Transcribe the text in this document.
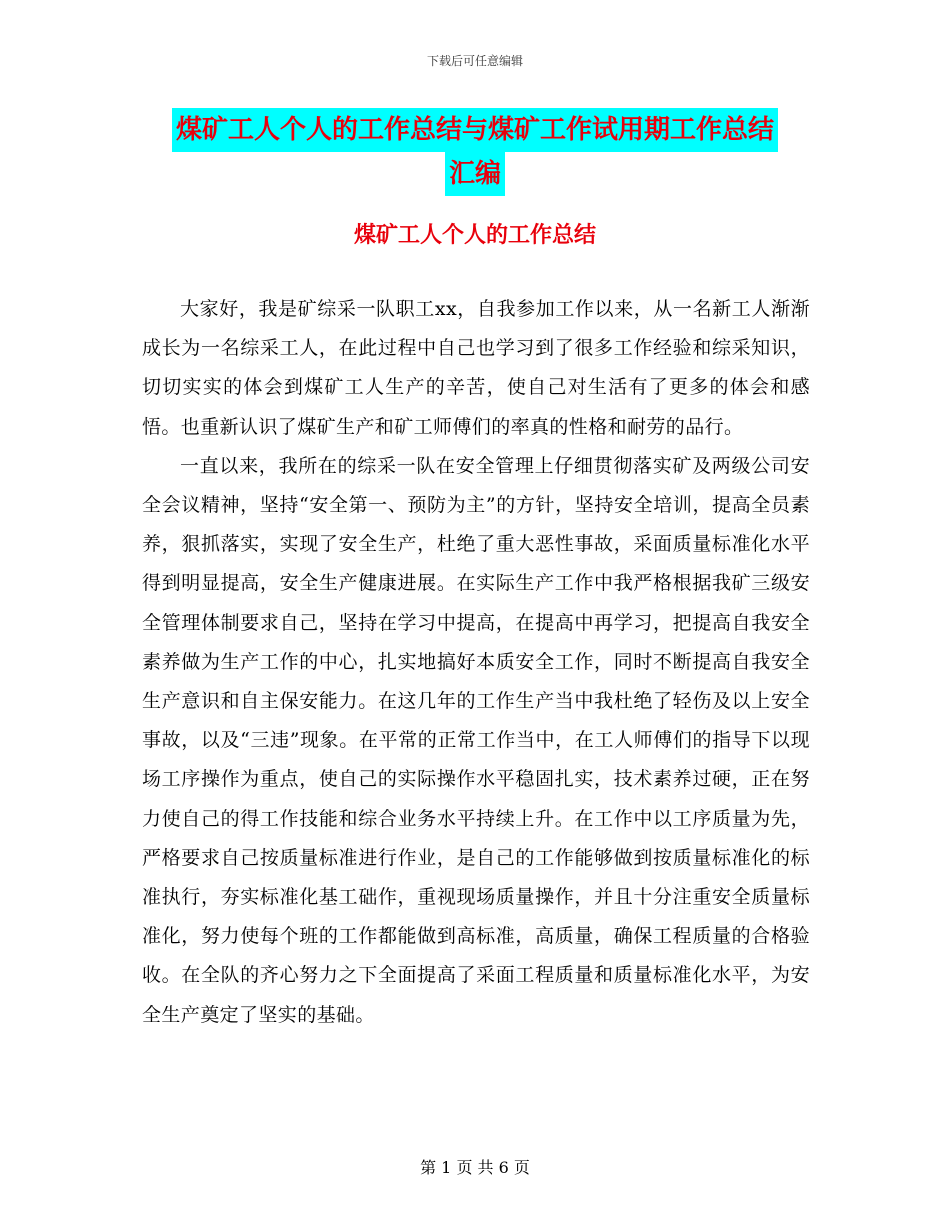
下载后可任意编辑
煤矿工人个人的工作总结与煤矿工作试用期工作总结
汇编
煤矿工人个人的工作总结

大家好，我是矿综采一队职工xx，自我参加工作以来，从一名新工人渐渐成长为一名综采工人，在此过程中自己也学习到了很多工作经验和综采知识，切切实实的体会到煤矿工人生产的辛苦，使自己对生活有了更多的体会和感悟。也重新认识了煤矿生产和矿工师傅们的率真的性格和耐劳的品行。

一直以来，我所在的综采一队在安全管理上仔细贯彻落实矿及两级公司安全会议精神，坚持“安全第一、预防为主”的方针，坚持安全培训，提高全员素养，狠抓落实，实现了安全生产，杜绝了重大恶性事故，采面质量标准化水平得到明显提高，安全生产健康进展。在实际生产工作中我严格根据我矿三级安全管理体制要求自己，坚持在学习中提高，在提高中再学习，把提高自我安全素养做为生产工作的中心，扎实地搞好本质安全工作，同时不断提高自我安全生产意识和自主保安能力。在这几年的工作生产当中我杜绝了轻伤及以上安全事故，以及“三违”现象。在平常的正常工作当中，在工人师傅们的指导下以现场工序操作为重点，使自己的实际操作水平稳固扎实，技术素养过硬，正在努力使自己的得工作技能和综合业务水平持续上升。在工作中以工序质量为先，严格要求自己按质量标准进行作业，是自己的工作能够做到按质量标准化的标准执行，夯实标准化基工础作，重视现场质量操作，并且十分注重安全质量标准化，努力使每个班的工作都能做到高标准，高质量，确保工程质量的合格验收。在全队的齐心努力之下全面提高了采面工程质量和质量标准化水平，为安全生产奠定了坚实的基础。

第 1 页 共 6 页
